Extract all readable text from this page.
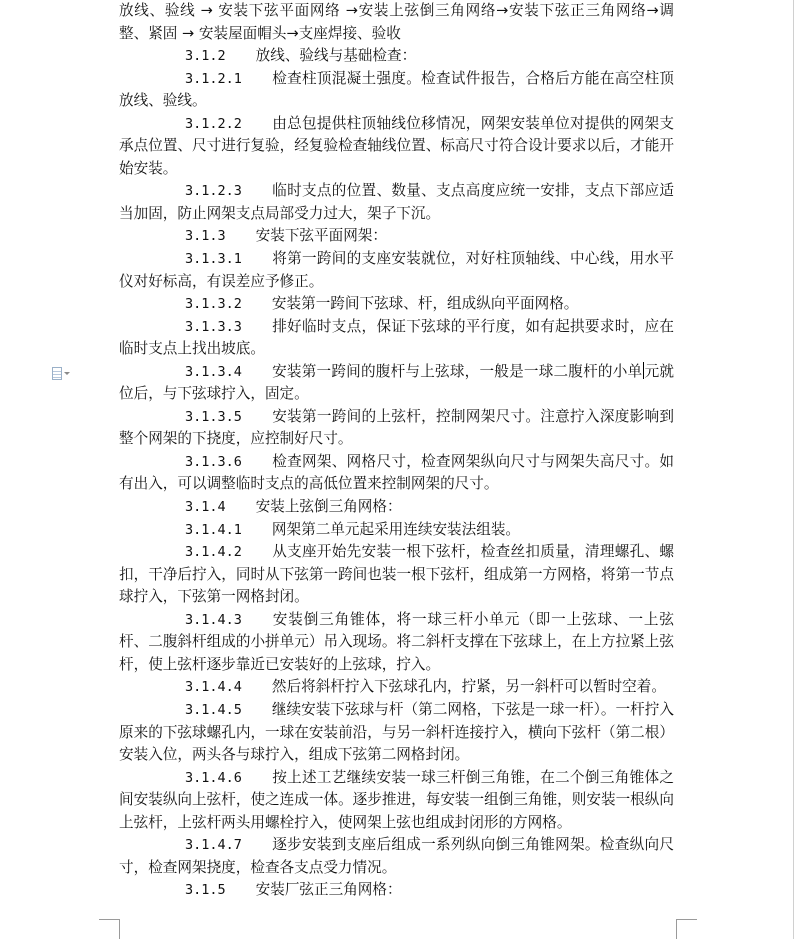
放线、验线 → 安装下弦平面网络 →安装上弦倒三角网络→安装下弦正三角网络→调整、紧固 → 安装屋面帽头→支座焊接、验收

3.1.2 放线、验线与基础检查：

3.1.2.1 检查柱顶混凝土强度。检查试件报告，合格后方能在高空柱顶放线、验线。

3.1.2.2 由总包提供柱顶轴线位移情况，网架安装单位对提供的网架支承点位置、尺寸进行复验，经复验检查轴线位置、标高尺寸符合设计要求以后，才能开始安装。

3.1.2.3 临时支点的位置、数量、支点高度应统一安排，支点下部应适当加固，防止网架支点局部受力过大，架子下沉。

3.1.3 安装下弦平面网架：

3.1.3.1 将第一跨间的支座安装就位，对好柱顶轴线、中心线，用水平仪对好标高，有误差应予修正。

3.1.3.2 安装第一跨间下弦球、杆，组成纵向平面网格。

3.1.3.3 排好临时支点，保证下弦球的平行度，如有起拱要求时，应在临时支点上找出坡底。

3.1.3.4 安装第一跨间的腹杆与上弦球，一般是一球二腹杆的小单 元就位后，与下弦球拧入，固定。

3.1.3.5 安装第一跨间的上弦杆，控制网架尺寸。注意拧入深度影响到整个网架的下挠度，应控制好尺寸。

3.1.3.6 检查网架、网格尺寸，检查网架纵向尺寸与网架失高尺寸。如有出入，可以调整临时支点的高低位置来控制网架的尺寸。

3.1.4 安装上弦倒三角网格：

3.1.4.1 网架第二单元起采用连续安装法组装。

3.1.4.2 从支座开始先安装一根下弦杆，检查丝扣质量，清理螺孔、螺扣，干净后拧入，同时从下弦第一跨间也装一根下弦杆，组成第一方网格，将第一节点球拧入，下弦第一网格封闭。

3.1.4.3 安装倒三角锥体，将一球三杆小单元（即一上弦球、一上弦杆、二腹斜杆组成的小拼单元）吊入现场。将二斜杆支撑在下弦球上，在上方拉紧上弦杆，使上弦杆逐步靠近已安装好的上弦球，拧入。

3.1.4.4 然后将斜杆拧入下弦球孔内，拧紧，另一斜杆可以暂时空着。

3.1.4.5 继续安装下弦球与杆（第二网格，下弦是一球一杆）。一杆拧入原来的下弦球螺孔内，一球在安装前沿，与另一斜杆连接拧入，横向下弦杆（第二根）安装入位，两头各与球拧入，组成下弦第二网格封闭。

3.1.4.6 按上述工艺继续安装一球三杆倒三角锥，在二个倒三角锥体之间安装纵向上弦杆，使之连成一体。逐步推进，每安装一组倒三角锥，则安装一根纵向上弦杆，上弦杆两头用螺栓拧入，使网架上弦也组成封闭形的方网格。

3.1.4.7 逐步安装到支座后组成一系列纵向倒三角锥网架。检查纵向尺寸，检查网架挠度，检查各支点受力情况。

3.1.5 安装厂弦正三角网格：
